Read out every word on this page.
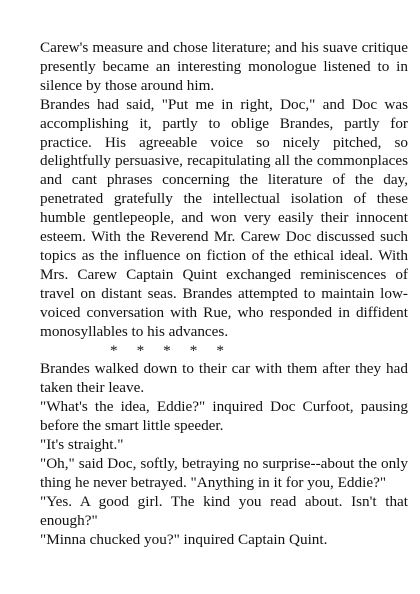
Carew's measure and chose literature; and his suave critique presently became an interesting monologue listened to in silence by those around him.

Brandes had said, "Put me in right, Doc," and Doc was accomplishing it, partly to oblige Brandes, partly for practice. His agreeable voice so nicely pitched, so delightfully persuasive, recapitulating all the commonplaces and cant phrases concerning the literature of the day, penetrated gratefully the intellectual isolation of these humble gentlepeople, and won very easily their innocent esteem. With the Reverend Mr. Carew Doc discussed such topics as the influence on fiction of the ethical ideal. With Mrs. Carew Captain Quint exchanged reminiscences of travel on distant seas. Brandes attempted to maintain low-voiced conversation with Rue, who responded in diffident monosyllables to his advances.

*     *     *     *     *

Brandes walked down to their car with them after they had taken their leave.

"What's the idea, Eddie?" inquired Doc Curfoot, pausing before the smart little speeder.

"It's straight."

"Oh," said Doc, softly, betraying no surprise--about the only thing he never betrayed. "Anything in it for you, Eddie?"

"Yes. A good girl. The kind you read about. Isn't that enough?"

"Minna chucked you?" inquired Captain Quint.
